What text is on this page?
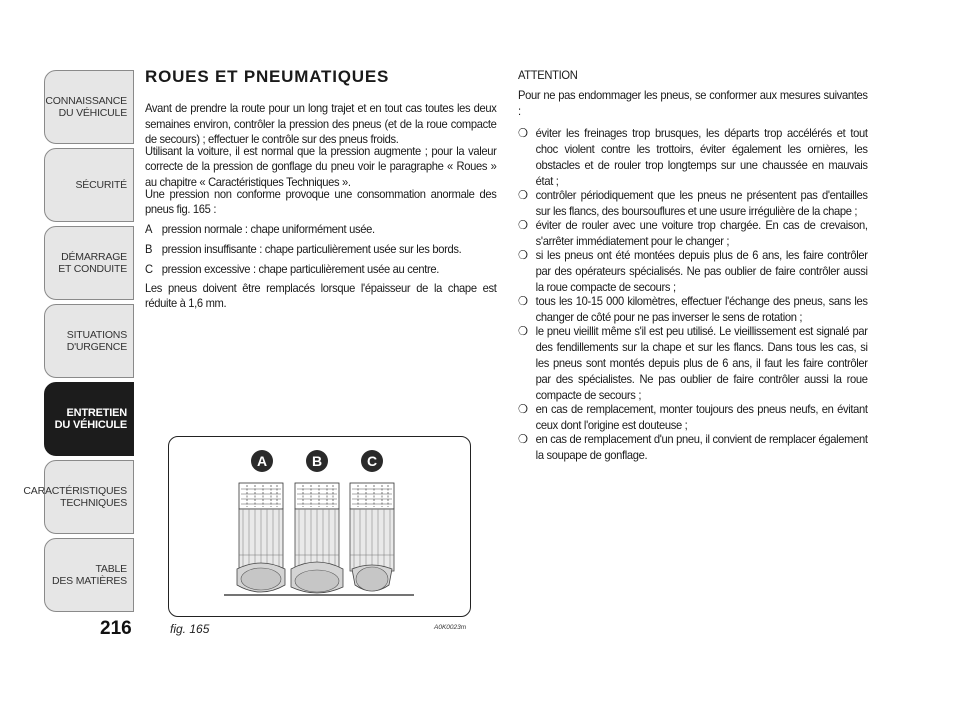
CONNAISSANCE
DU VÉHICULE
SÉCURITÉ
DÉMARRAGE
ET CONDUITE
SITUATIONS
D'URGENCE
ENTRETIEN
DU VÉHICULE
CARACTÉRISTIQUES
TECHNIQUES
TABLE
DES MATIÈRES
216
ROUES ET PNEUMATIQUES

Avant de prendre la route pour un long trajet et en tout cas toutes les deux semaines environ, contrôler la pression des pneus (et de la roue compacte de secours) ; effectuer le contrôle sur des pneus froids.

Utilisant la voiture, il est normal que la pression augmente ; pour la valeur correcte de la pression de gonflage du pneu voir le paragraphe « Roues » au chapitre « Caractéristiques Techniques ».

Une pression non conforme provoque une consommation anormale des pneus fig. 165 :

A pression normale : chape uniformément usée.
B pression insuffisante : chape particulièrement usée sur les bords.
C pression excessive : chape particulièrement usée au centre.

Les pneus doivent être remplacés lorsque l'épaisseur de la chape est réduite à 1,6 mm.

A	B	C
fig. 165	A0K0023m

ATTENTION

Pour ne pas endommager les pneus, se conformer aux mesures suivantes :

❍ éviter les freinages trop brusques, les départs trop accélérés et tout choc violent contre les trottoirs, éviter également les ornières, les obstacles et de rouler trop longtemps sur une chaussée en mauvais état ;
❍ contrôler périodiquement que les pneus ne présentent pas d'entailles sur les flancs, des boursouflures et une usure irrégulière de la chape ;
❍ éviter de rouler avec une voiture trop chargée. En cas de crevaison, s'arrêter immédiatement pour le changer ;
❍ si les pneus ont été montées depuis plus de 6 ans, les faire contrôler par des opérateurs spécialisés. Ne pas oublier de faire contrôler aussi la roue compacte de secours ;
❍ tous les 10-15 000 kilomètres, effectuer l'échange des pneus, sans les changer de côté pour ne pas inverser le sens de rotation ;
❍ le pneu vieillit même s'il est peu utilisé. Le vieillissement est signalé par des fendillements sur la chape et sur les flancs. Dans tous les cas, si les pneus sont montés depuis plus de 6 ans, il faut les faire contrôler par des spécialistes. Ne pas oublier de faire contrôler aussi la roue compacte de secours ;
❍ en cas de remplacement, monter toujours des pneus neufs, en évitant ceux dont l'origine est douteuse ;
❍ en cas de remplacement d'un pneu, il convient de remplacer également la soupape de gonflage.
